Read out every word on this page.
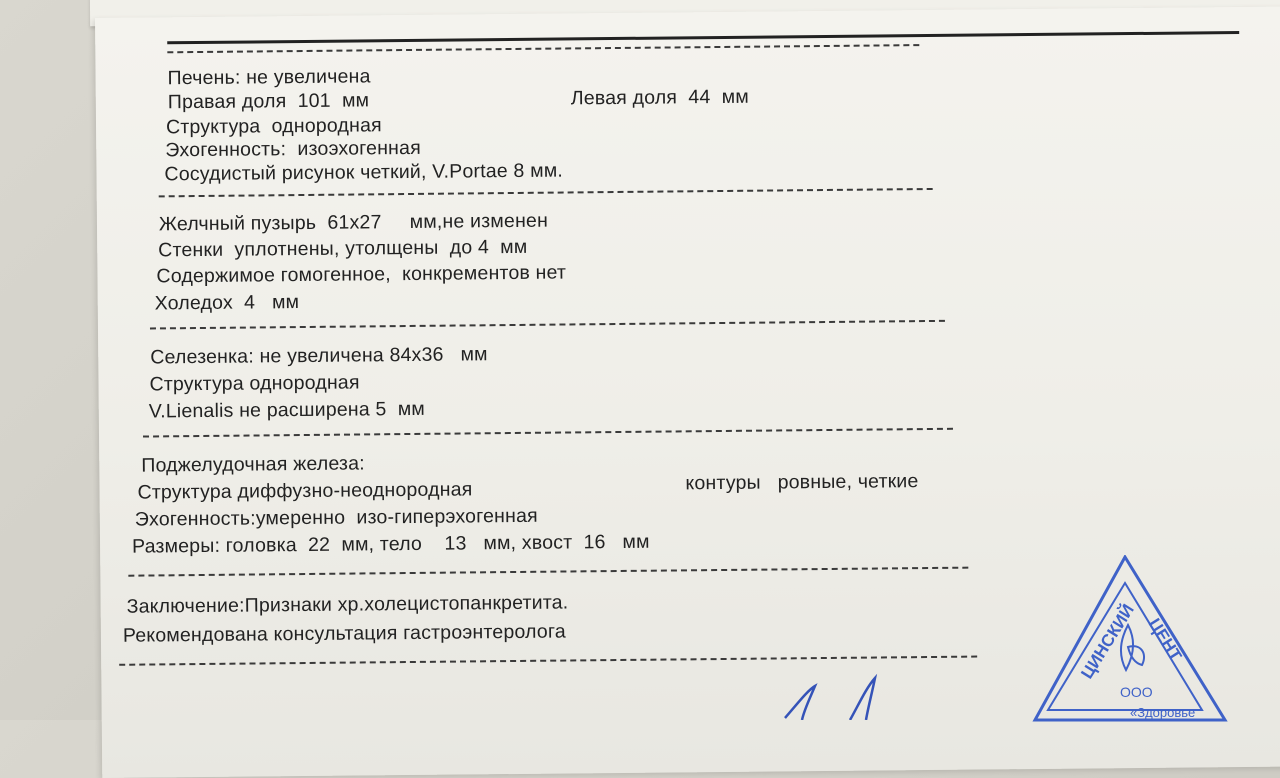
Печень: не увеличена
Правая доля  101  мм	Левая доля  44  мм
Структура  однородная
Эхогенность:  изоэхогенная
Сосудистый рисунок четкий, V.Portae 8 мм.
Желчный пузырь  61x27     мм,не изменен
Стенки  уплотнены, утолщены  до 4  мм
Содержимое гомогенное,  конкрементов нет
Холедох  4   мм
Селезенка: не увеличена 84x36   мм
Структура однородная
V.Lienalis не расширена 5  мм
Поджелудочная железа:
Структура диффузно-неоднородная	контуры   ровные, четкие
Эхогенность:умеренно  изо-гиперэхогенная
Размеры: головка  22  мм, тело    13   мм, хвост  16   мм
Заключение:Признаки хр.холецистопанкретита.
Рекомендована консультация гастроэнтеролога	ЦИНСКИЙ ЦЕНТ
«Здоровье
ООО
